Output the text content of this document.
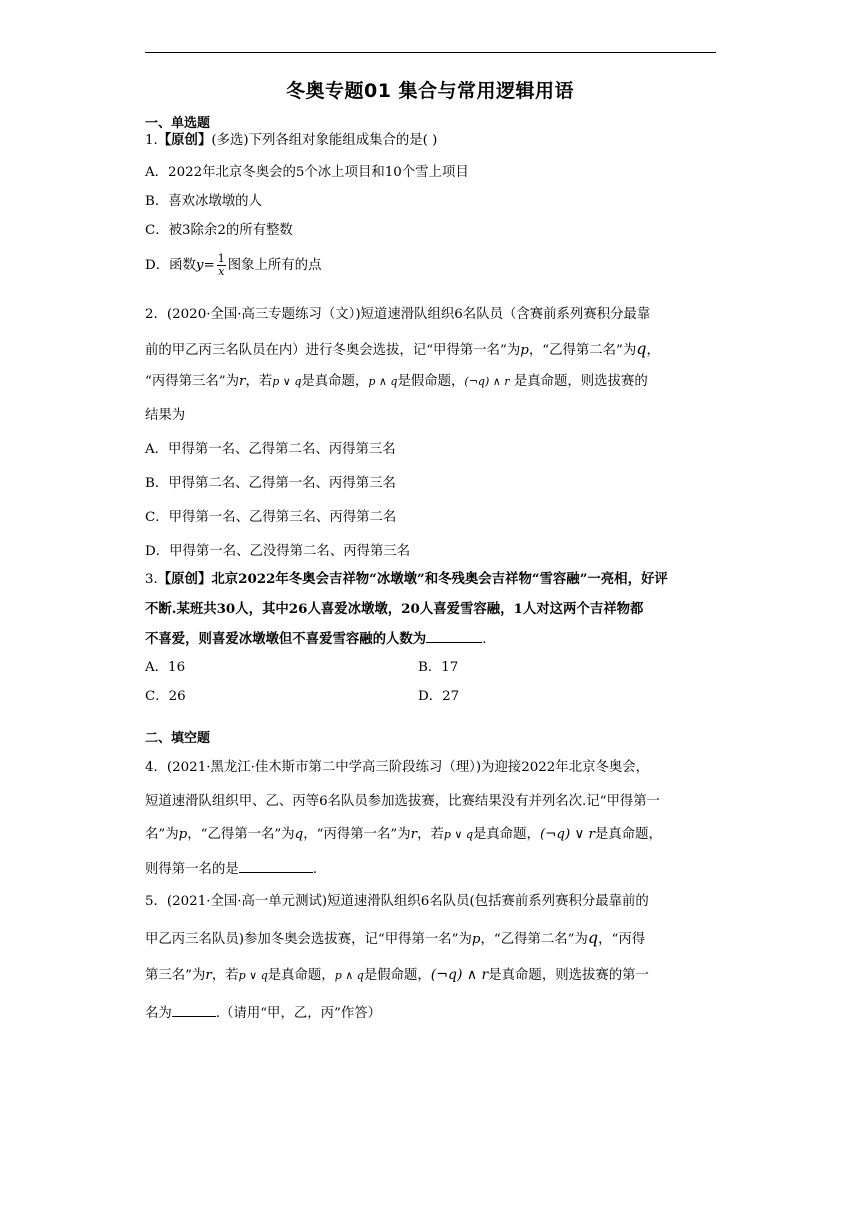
冬奥专题01 集合与常用逻辑用语
一、单选题
1.【原创】(多选)下列各组对象能组成集合的是( )
A．2022年北京冬奥会的5个冰上项目和10个雪上项目
B．喜欢冰墩墩的人
C．被3除余2的所有整数
D．函数$y= \frac{1}{x}$ 图象上所有的点
2．(2020·全国·高三专题练习（文）)短道速滑队组织6名队员（含赛前系列赛积分最靠
前的甲乙丙三名队员在内）进行冬奥会选拔，记“甲得第一名”为p，“乙得第二名”为q，
“丙得第三名”为r，若p ∨ q是真命题，p ∧ q是假命题，(¬q) ∧ r 是真命题，则选拔赛的
结果为
A．甲得第一名、乙得第二名、丙得第三名
B．甲得第二名、乙得第一名、丙得第三名
C．甲得第一名、乙得第三名、丙得第二名
D．甲得第一名、乙没得第二名、丙得第三名
3.【原创】北京2022年冬奥会吉祥物“冰墩墩”和冬残奥会吉祥物“雪容融”一亮相，好评
不断.某班共30人，其中26人喜爱冰墩墩，20人喜爱雪容融，1人对这两个吉祥物都
不喜爱，则喜爱冰墩墩但不喜爱雪容融的人数为	.
A．16	B．17
C．26	D．27
二、填空题
4．(2021·黑龙江·佳木斯市第二中学高三阶段练习（理）)为迎接2022年北京冬奥会，
短道速滑队组织甲、乙、丙等6名队员参加选拔赛，比赛结果没有并列名次.记“甲得第一
名”为p，“乙得第一名”为q，“丙得第一名”为r，若p ∨ q是真命题，(¬q) ∨ r是真命题，
则得第一名的是	.
5．(2021·全国·高一单元测试)短道速滑队组织6名队员(包括赛前系列赛积分最靠前的
甲乙丙三名队员)参加冬奥会选拔赛，记“甲得第一名”为p，“乙得第二名”为q，“丙得
第三名”为r，若p ∨ q是真命题，p ∧ q是假命题，(¬q) ∧ r是真命题，则选拔赛的第一
名为	.（请用“甲，乙，丙”作答）
